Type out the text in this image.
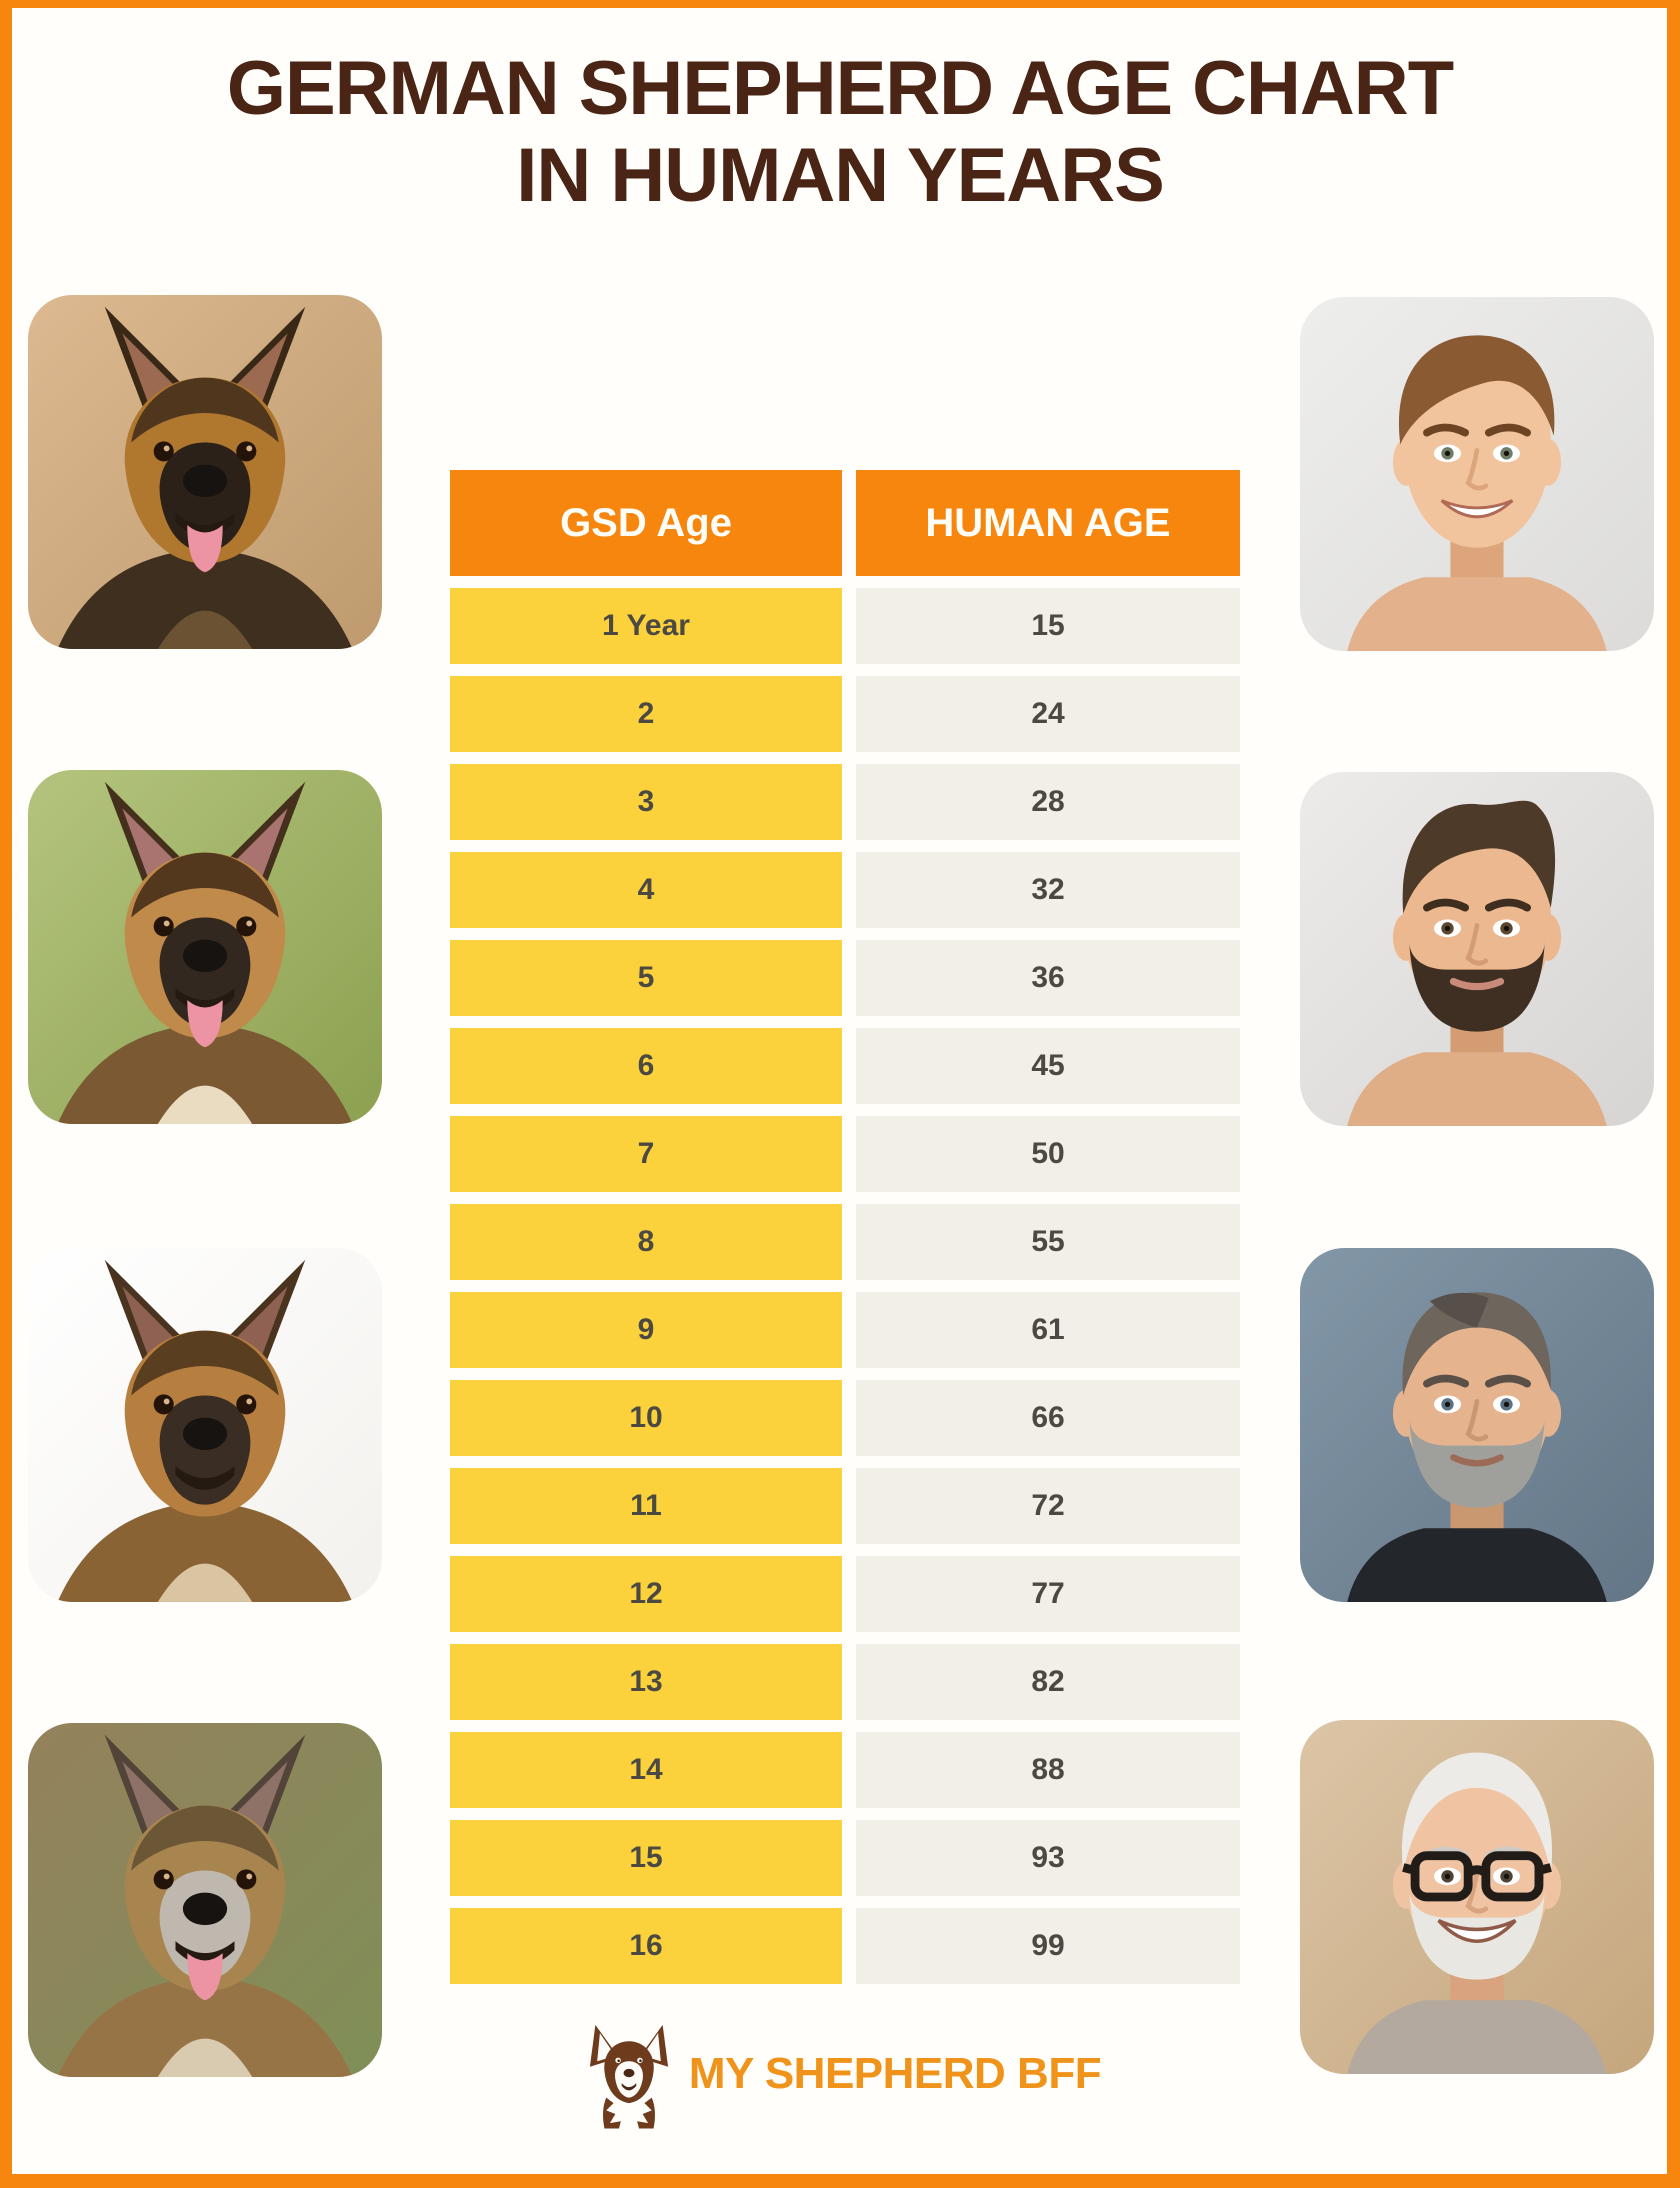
GERMAN SHEPHERD AGE CHART
IN HUMAN YEARS
GSD Age	HUMAN AGE
1 Year	15
2	24
3	28
4	32
5	36
6	45
7	50
8	55
9	61
10	66
11	72
12	77
13	82
14	88
15	93
16	99
MY SHEPHERD BFF
